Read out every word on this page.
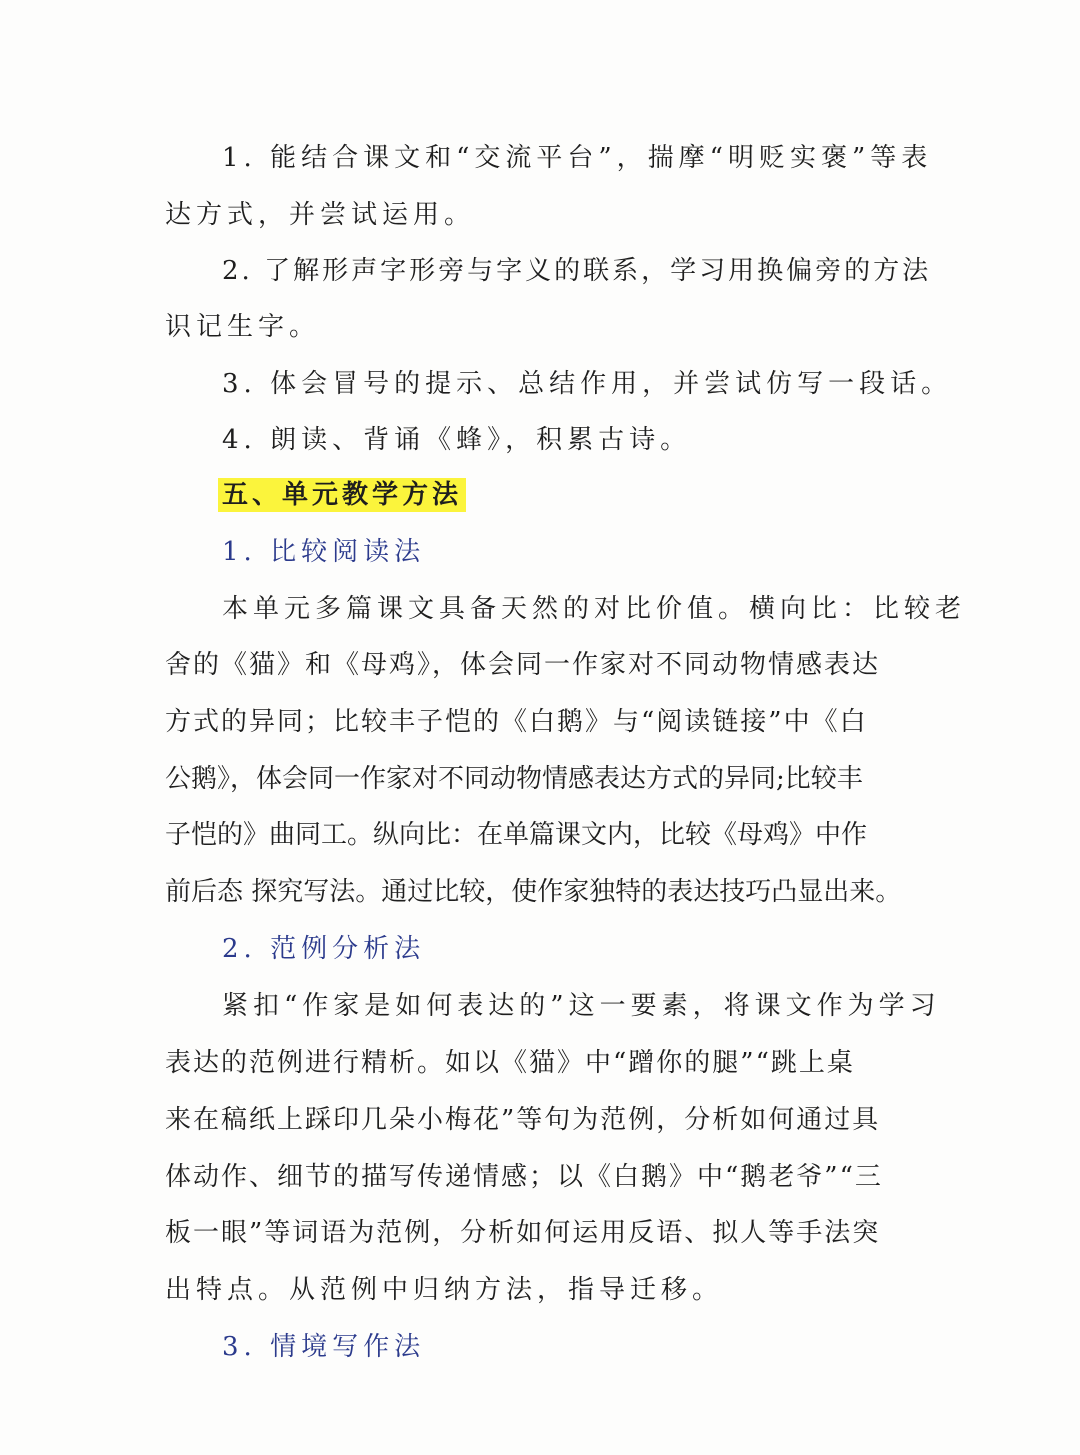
1. 能结合课文和“交流平台”，揣摩“明贬实褒”等表
达方式，并尝试运用。
2. 了解形声字形旁与字义的联系，学习用换偏旁的方法
识记生字。
3. 体会冒号的提示、总结作用，并尝试仿写一段话。
4. 朗读、背诵《蜂》，积累古诗。
五、单元教学方法
1. 比较阅读法
本单元多篇课文具备天然的对比价值。横向比：比较老
舍的《猫》和《母鸡》，体会同一作家对不同动物情感表达
方式的异同；比较丰子恺的《白鹅》与“阅读链接”中《白
公鹅》，体会同一作家对不同动物情感表达方式的异同;比较丰
子恺的》曲同工。纵向比：在单篇课文内，比较《母鸡》中作
前后态 探究写法。通过比较，使作家独特的表达技巧凸显出来。
2. 范例分析法
紧扣“作家是如何表达的”这一要素，将课文作为学习
表达的范例进行精析。如以《猫》中“蹭你的腿”“跳上桌
来在稿纸上踩印几朵小梅花”等句为范例，分析如何通过具
体动作、细节的描写传递情感；以《白鹅》中“鹅老爷”“三
板一眼”等词语为范例，分析如何运用反语、拟人等手法突
出特点。从范例中归纳方法，指导迁移。
3. 情境写作法
